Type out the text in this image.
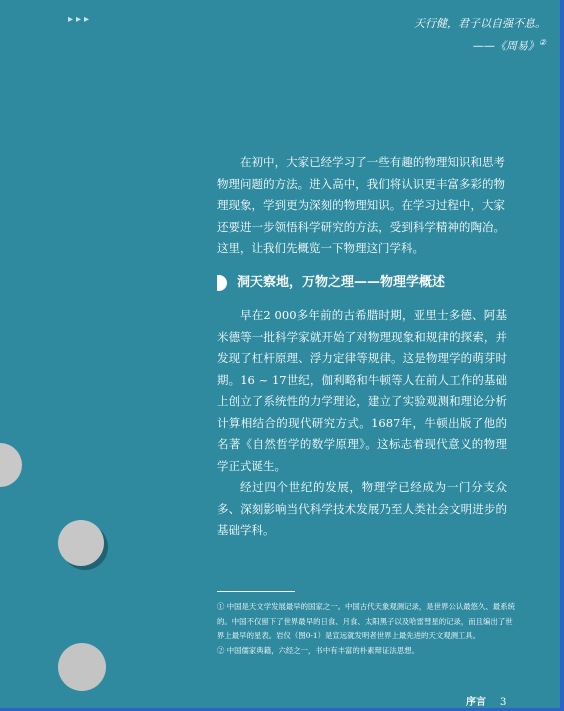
▸▸▸	天行健，君子以自强不息。
——《周易》②

在初中，大家已经学习了一些有趣的物理知识和思考物理问题的方法。进入高中，我们将认识更丰富多彩的物理现象，学到更为深刻的物理知识。在学习过程中，大家还要进一步领悟科学研究的方法，受到科学精神的陶冶。这里，让我们先概览一下物理这门学科。

洞天察地，万物之理——物理学概述

早在2 000多年前的古希腊时期，亚里士多德、阿基米德等一批科学家就开始了对物理现象和规律的探索，并发现了杠杆原理、浮力定律等规律。这是物理学的萌芽时期。16 ~ 17世纪，伽利略和牛顿等人在前人工作的基础上创立了系统性的力学理论，建立了实验观测和理论分析计算相结合的现代研究方式。1687年，牛顿出版了他的名著《自然哲学的数学原理》。这标志着现代意义的物理学正式诞生。

经过四个世纪的发展，物理学已经成为一门分支众多、深刻影响当代科学技术发展乃至人类社会文明进步的基础学科。

① 中国是天文学发展最早的国家之一。中国古代天象观测记录，是世界公认最悠久、最系统的。中国不仅留下了世界最早的日食、月食、太阳黑子以及哈雷彗星的记录，而且编出了世界上最早的星表。岩仪（图0-1）是宣远就发明者世界上最先进的天文观测工具。

② 中国儒家典籍，六经之一，书中有丰富的朴素辩证法思想。

序言 3
